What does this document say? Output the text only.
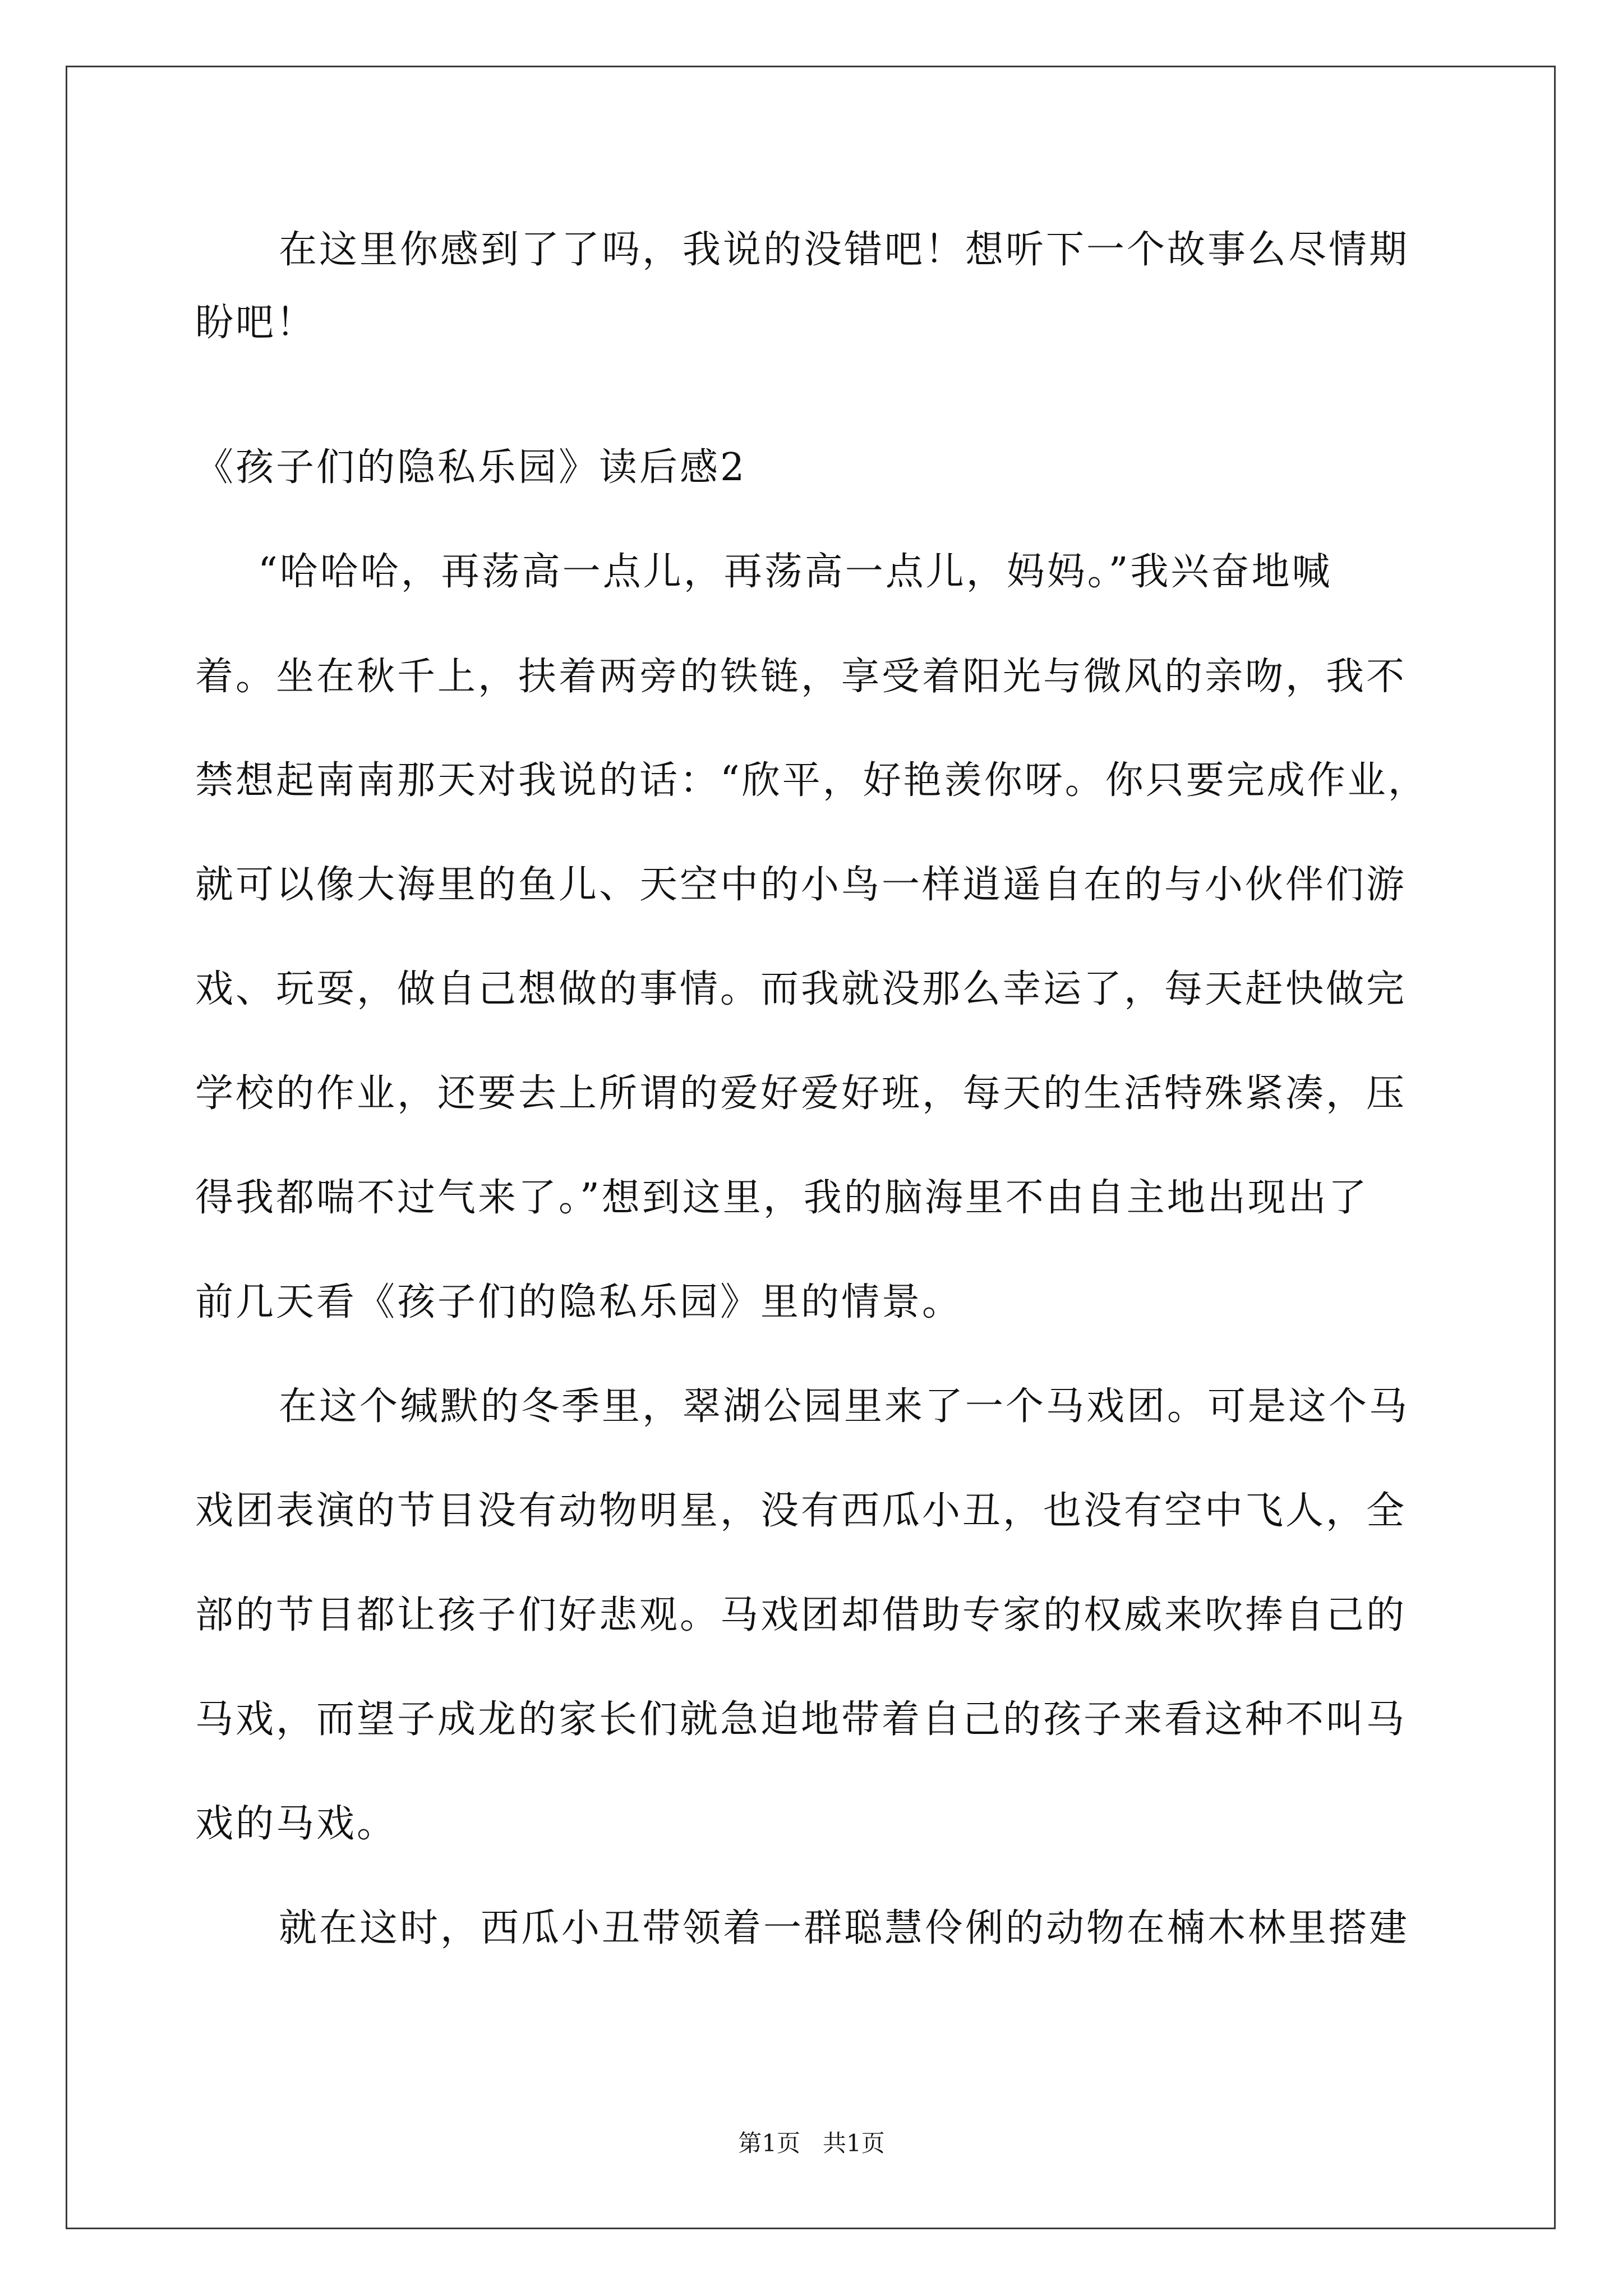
在这里你感到了了吗，我说的没错吧！想听下一个故事么尽情期

盼吧！

《孩子们的隐私乐园》读后感2

“哈哈哈，再荡高一点儿，再荡高一点儿，妈妈。”我兴奋地喊

着。坐在秋千上，扶着两旁的铁链，享受着阳光与微风的亲吻，我不

禁想起南南那天对我说的话：“欣平，好艳羡你呀。你只要完成作业，

就可以像大海里的鱼儿、天空中的小鸟一样逍遥自在的与小伙伴们游

戏、玩耍，做自己想做的事情。而我就没那么幸运了，每天赶快做完

学校的作业，还要去上所谓的爱好爱好班，每天的生活特殊紧凑，压

得我都喘不过气来了。”想到这里，我的脑海里不由自主地出现出了

前几天看《孩子们的隐私乐园》里的情景。

在这个缄默的冬季里，翠湖公园里来了一个马戏团。可是这个马

戏团表演的节目没有动物明星，没有西瓜小丑，也没有空中飞人，全

部的节目都让孩子们好悲观。马戏团却借助专家的权威来吹捧自己的

马戏，而望子成龙的家长们就急迫地带着自己的孩子来看这种不叫马

戏的马戏。

就在这时，西瓜小丑带领着一群聪慧伶俐的动物在楠木林里搭建

第1页   共1页
